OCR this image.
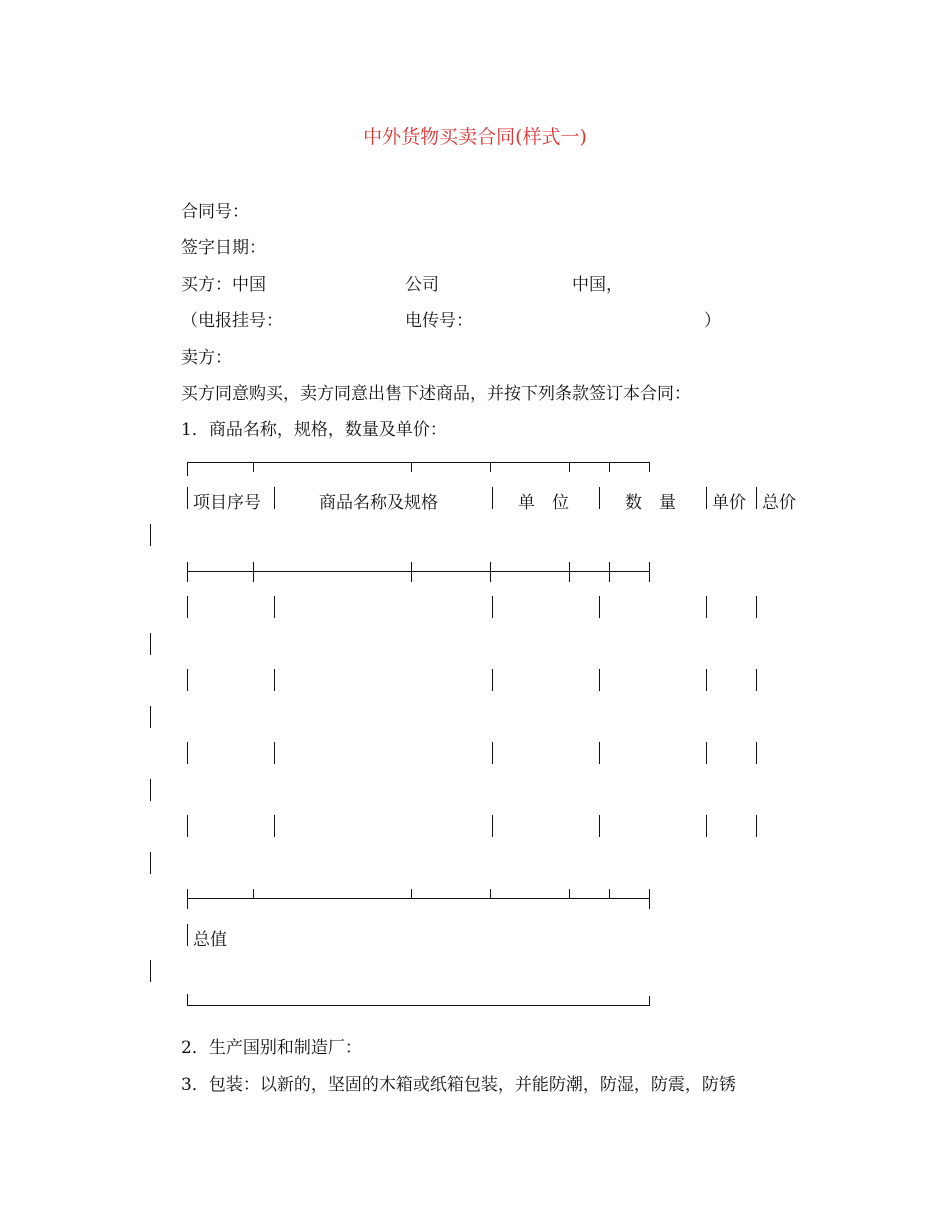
中外货物买卖合同(样式一)
合同号：
签字日期：
买方：中国	公司	中国，
（电报挂号：	电传号：	）
卖方：
买方同意购买，卖方同意出售下述商品，并按下列条款签订本合同：
1．商品名称，规格，数量及单价：
项目序号	商品名称及规格	单　位	数　量 单价 总价
总值
2．生产国别和制造厂：
3．包装：以新的，坚固的木箱或纸箱包装，并能防潮，防湿，防震，防锈
